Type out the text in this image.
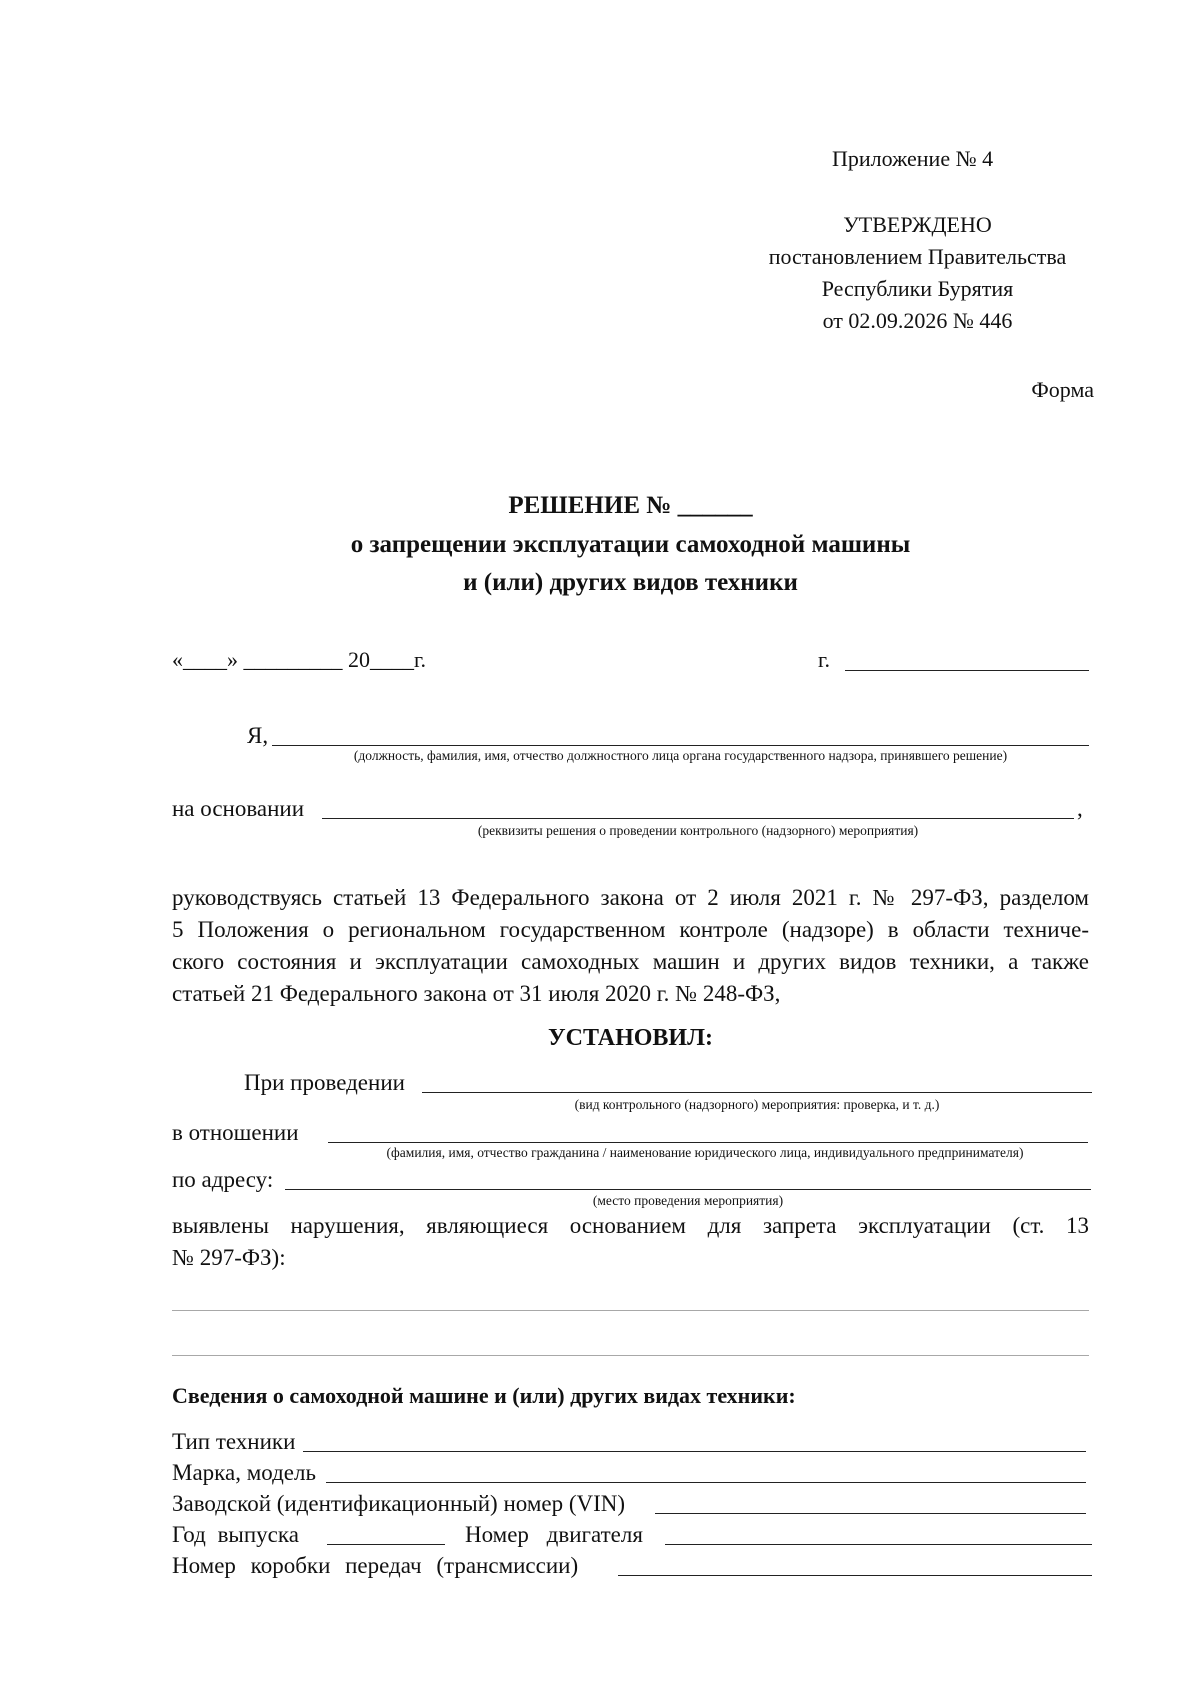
Приложение № 4
УТВЕРЖДЕНО
постановлением Правительства
Республики Бурятия
от 02.09.2026 № 446
Форма
РЕШЕНИЕ № ______
о запрещении эксплуатации самоходной машины
и (или) других видов техники
«____» _________ 20____г.	г.
Я,
(должность, фамилия, имя, отчество должностного лица органа государственного надзора, принявшего решение)
на основании	,
(реквизиты решения о проведении контрольного (надзорного) мероприятия)
руководствуясь статьей 13 Федерального закона от 2 июля 2021 г. № 297-ФЗ, разделом
5 Положения о региональном государственном контроле (надзоре) в области техниче-
ского состояния и эксплуатации самоходных машин и других видов техники, а также
статьей 21 Федерального закона от 31 июля 2020 г. № 248-ФЗ,
УСТАНОВИЛ:
При проведении
(вид контрольного (надзорного) мероприятия: проверка, и т. д.)
в отношении
(фамилия, имя, отчество гражданина / наименование юридического лица, индивидуального предпринимателя)
по адресу:
(место проведения мероприятия)
выявлены нарушения, являющиеся основанием для запрета эксплуатации (ст. 13
№ 297-ФЗ):
Сведения о самоходной машине и (или) других видах техники:
Тип техники
Марка, модель
Заводской (идентификационный) номер (VIN)
Год выпуска	Номер двигателя
Номер коробки передач (трансмиссии)
